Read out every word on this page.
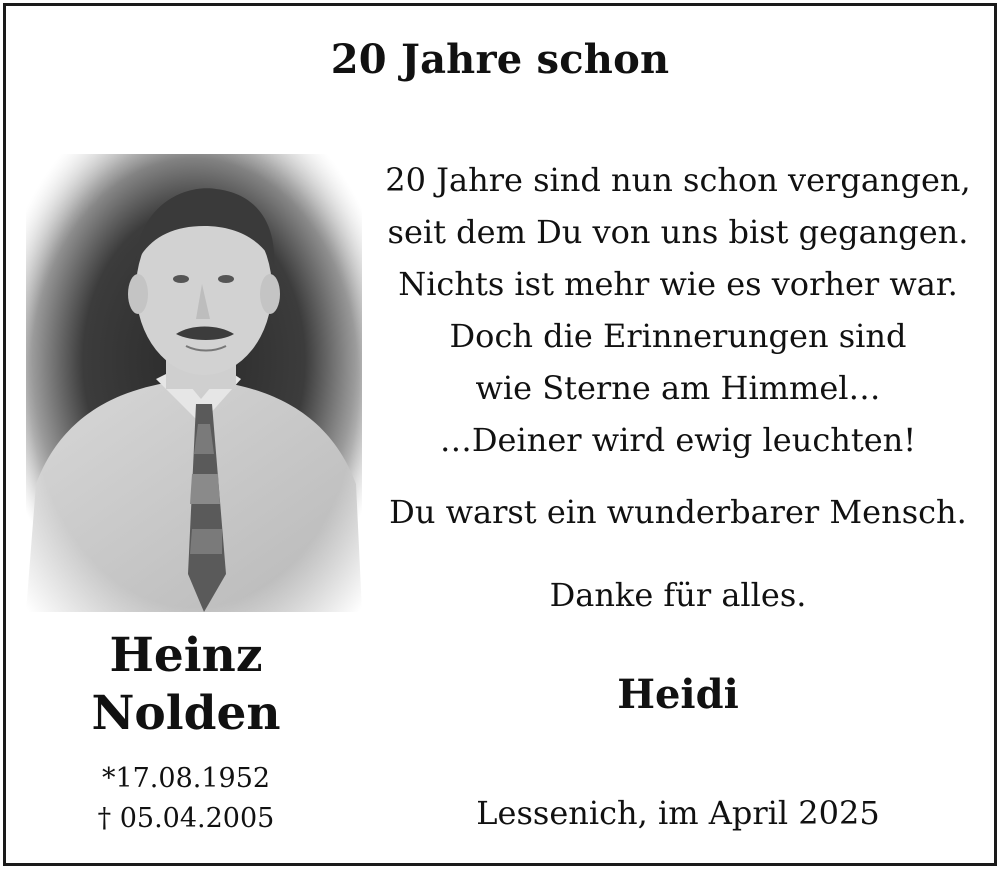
20 Jahre schon
Heinz
Nolden
*17.08.1952
† 05.04.2005
20 Jahre sind nun schon vergangen,
seit dem Du von uns bist gegangen.
Nichts ist mehr wie es vorher war.
Doch die Erinnerungen sind
wie Sterne am Himmel…
…Deiner wird ewig leuchten!
Du warst ein wunderbarer Mensch.
Danke für alles.
Heidi
Lessenich, im April 2025
